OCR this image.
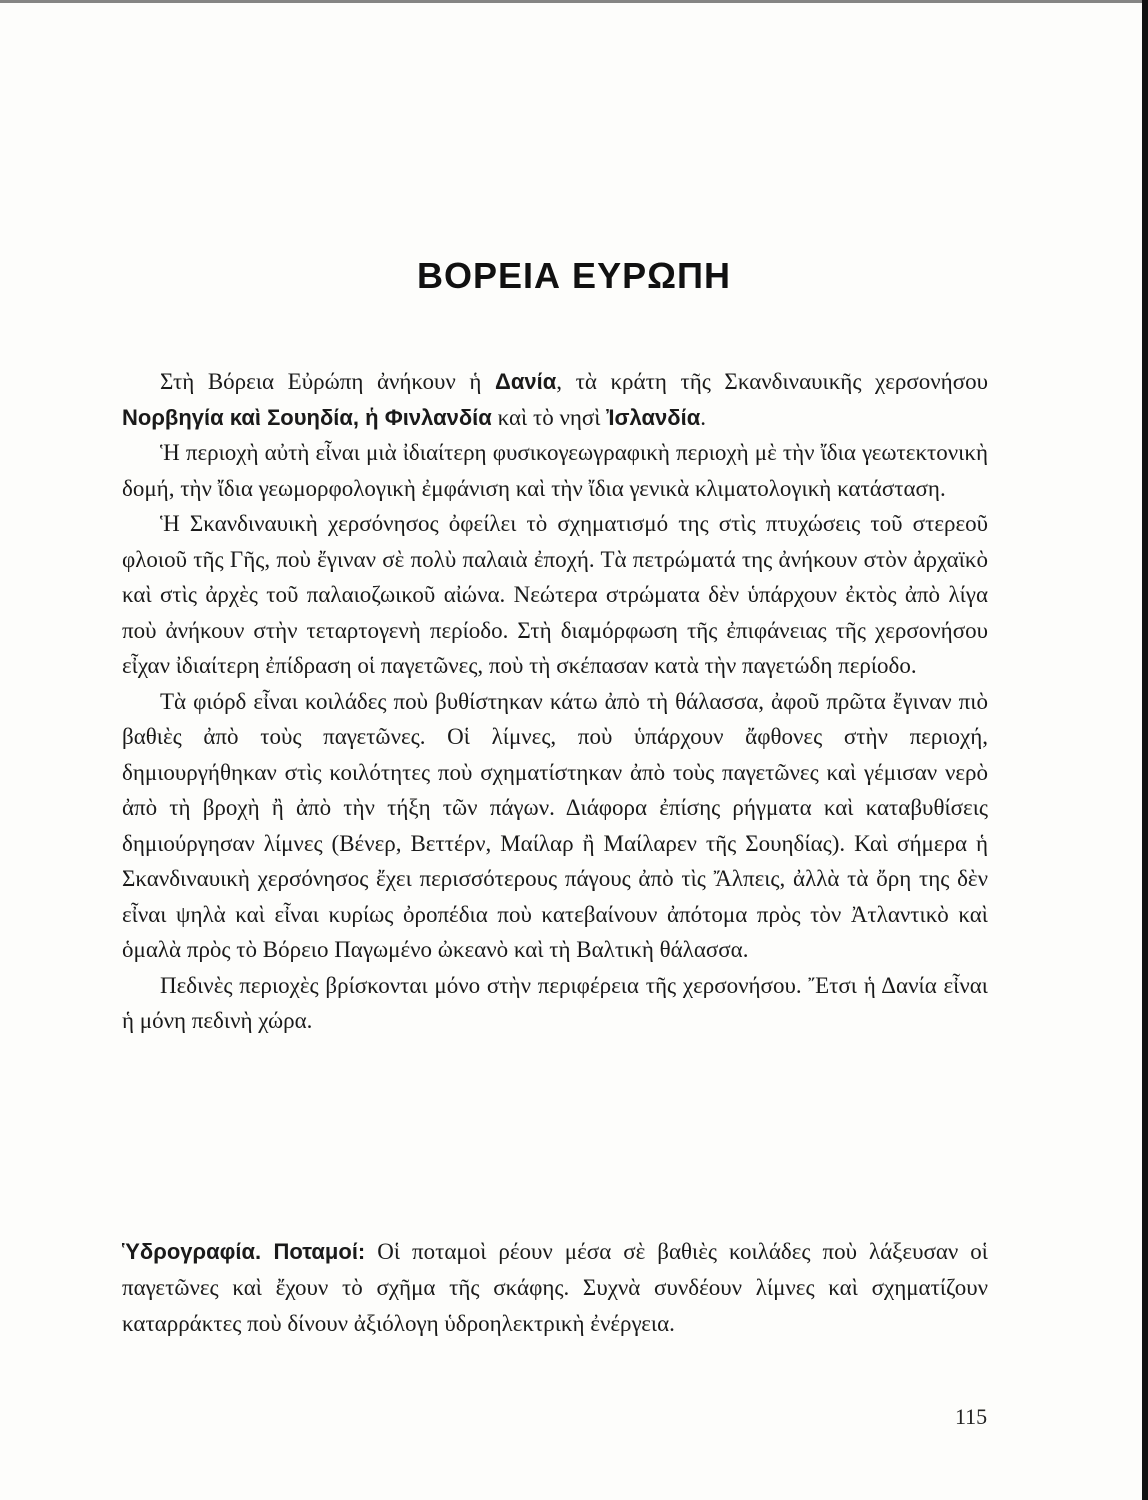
ΒΟΡΕΙΑ ΕΥΡΩΠΗ

Στὴ Βόρεια Εὐρώπη ἀνήκουν ἡ Δανία, τὰ κράτη τῆς Σκανδιναυικῆς χερσονήσου Νορβηγία καὶ Σουηδία, ἡ Φινλανδία καὶ τὸ νησὶ Ἰσλανδία.

Ἡ περιοχὴ αὐτὴ εἶναι μιὰ ἰδιαίτερη φυσικογεωγραφικὴ περιοχὴ μὲ τὴν ἴδια γεωτεκτονικὴ δομή, τὴν ἴδια γεωμορφολογικὴ ἐμφάνιση καὶ τὴν ἴδια γενικὰ κλιματολογικὴ κατάσταση.

Ἡ Σκανδιναυικὴ χερσόνησος ὀφείλει τὸ σχηματισμό της στὶς πτυχώσεις τοῦ στερεοῦ φλοιοῦ τῆς Γῆς, ποὺ ἔγιναν σὲ πολὺ παλαιὰ ἐποχή. Τὰ πετρώματά της ἀνήκουν στὸν ἀρχαϊκὸ καὶ στὶς ἀρχὲς τοῦ παλαιοζωικοῦ αἰώνα. Νεώτερα στρώματα δὲν ὑπάρχουν ἐκτὸς ἀπὸ λίγα ποὺ ἀνήκουν στὴν τεταρτογενὴ περίοδο. Στὴ διαμόρφωση τῆς ἐπιφάνειας τῆς χερσονήσου εἶχαν ἰδιαίτερη ἐπίδραση οἱ παγετῶνες, ποὺ τὴ σκέπασαν κατὰ τὴν παγετώδη περίοδο.

Τὰ φιόρδ εἶναι κοιλάδες ποὺ βυθίστηκαν κάτω ἀπὸ τὴ θάλασσα, ἀφοῦ πρῶτα ἔγιναν πιὸ βαθιὲς ἀπὸ τοὺς παγετῶνες. Οἱ λίμνες, ποὺ ὑπάρχουν ἄφθονες στὴν περιοχή, δημιουργήθηκαν στὶς κοιλότητες ποὺ σχηματίστηκαν ἀπὸ τοὺς παγετῶνες καὶ γέμισαν νερὸ ἀπὸ τὴ βροχὴ ἢ ἀπὸ τὴν τήξη τῶν πάγων. Διάφορα ἐπίσης ρήγματα καὶ καταβυθίσεις δημιούργησαν λίμνες (Βένερ, Βεττέρν, Μαίλαρ ἢ Μαίλαρεν τῆς Σουηδίας). Καὶ σήμερα ἡ Σκανδιναυικὴ χερσόνησος ἔχει περισσότερους πάγους ἀπὸ τὶς Ἄλπεις, ἀλλὰ τὰ ὄρη της δὲν εἶναι ψηλὰ καὶ εἶναι κυρίως ὀροπέδια ποὺ κατεβαίνουν ἀπότομα πρὸς τὸν Ἀτλαντικὸ καὶ ὁμαλὰ πρὸς τὸ Βόρειο Παγωμένο ὠκεανὸ καὶ τὴ Βαλτικὴ θάλασσα.

Πεδινὲς περιοχὲς βρίσκονται μόνο στὴν περιφέρεια τῆς χερσονήσου. Ἔτσι ἡ Δανία εἶναι ἡ μόνη πεδινὴ χώρα.

Ὑδρογραφία. Ποταμοί: Οἱ ποταμοὶ ρέουν μέσα σὲ βαθιὲς κοιλάδες ποὺ λάξευσαν οἱ παγετῶνες καὶ ἔχουν τὸ σχῆμα τῆς σκάφης. Συχνὰ συνδέουν λίμνες καὶ σχηματίζουν καταρράκτες ποὺ δίνουν ἀξιόλογη ὑδροηλεκτρικὴ ἐνέργεια.

115
